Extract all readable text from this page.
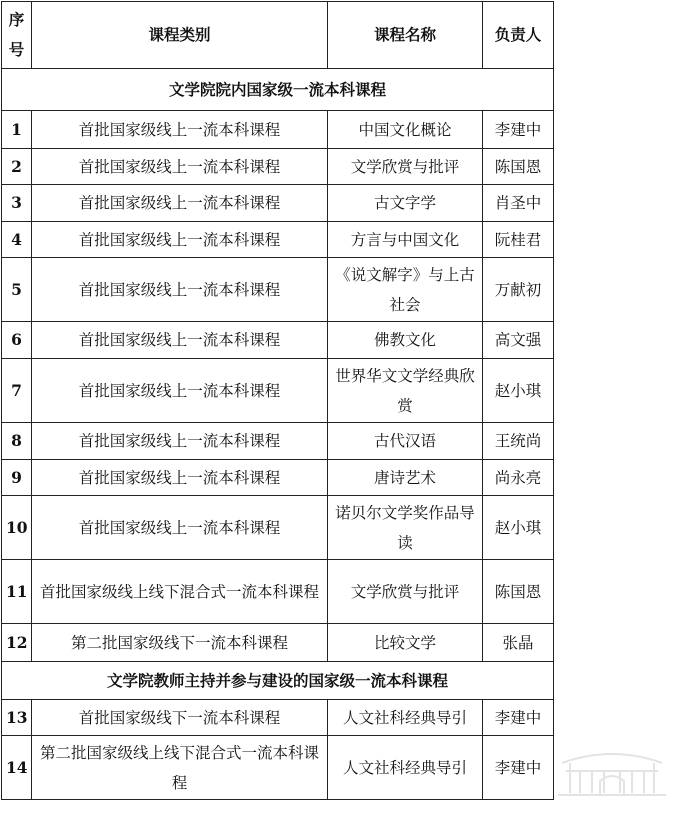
序号	课程类别	课程名称	负责人
文学院院内国家级一流本科课程			
1	首批国家级线上一流本科课程	中国文化概论	李建中
2	首批国家级线上一流本科课程	文学欣赏与批评	陈国恩
3	首批国家级线上一流本科课程	古文字学	肖圣中
4	首批国家级线上一流本科课程	方言与中国文化	阮桂君
5	首批国家级线上一流本科课程	《说文解字》与上古社会	万献初
6	首批国家级线上一流本科课程	佛教文化	高文强
7	首批国家级线上一流本科课程	世界华文文学经典欣赏	赵小琪
8	首批国家级线上一流本科课程	古代汉语	王统尚
9	首批国家级线上一流本科课程	唐诗艺术	尚永亮
10	首批国家级线上一流本科课程	诺贝尔文学奖作品导读	赵小琪
11	首批国家级线上线下混合式一流本科课程	文学欣赏与批评	陈国恩
12	第二批国家级线下一流本科课程	比较文学	张晶
文学院教师主持并参与建设的国家级一流本科课程			
13	首批国家级线下一流本科课程	人文社科经典导引	李建中
14	第二批国家级线上线下混合式一流本科课程	人文社科经典导引	李建中
